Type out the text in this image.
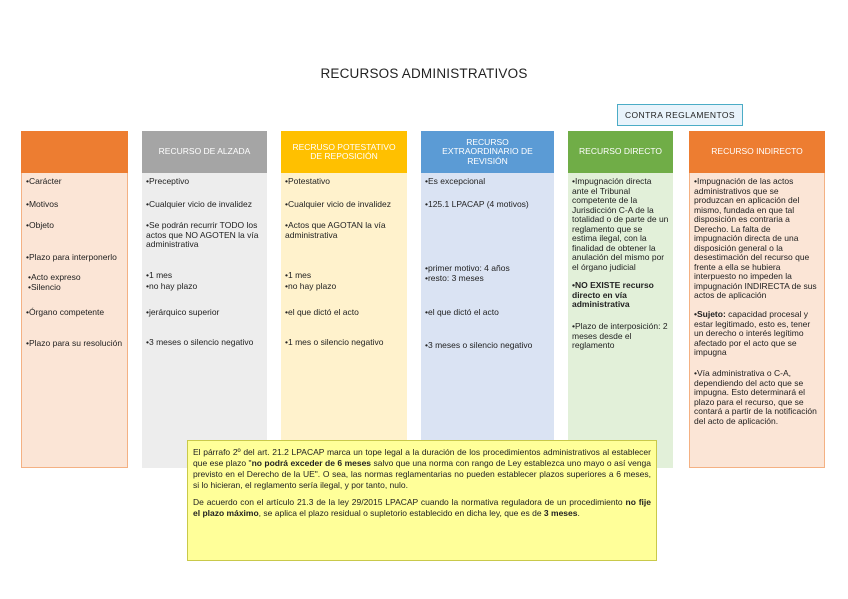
RECURSOS ADMINISTRATIVOS
CONTRA REGLAMENTOS

•Carácter

•Motivos

•Objeto

•Plazo para interponerlo

•Acto expreso

•Silencio

•Órgano competente

•Plazo para su resolución

RECURSO DE ALZADA

•Preceptivo

•Cualquier vicio de invalidez

•Se podrán recurrir TODO los actos que NO AGOTEN la vía administrativa

•1 mes

•no hay plazo

•jerárquico superior

•3 meses o silencio negativo

RECRUSO POTESTATIVO DE REPOSICIÓN

•Potestativo

•Cualquier vicio de invalidez

•Actos que AGOTAN la vía administrativa

•1 mes

•no hay plazo

•el que dictó el acto

•1 mes o silencio negativo

RECURSO EXTRAORDINARIO DE REVISIÓN

•Es excepcional

•125.1 LPACAP (4 motivos)

•primer motivo: 4 años

•resto: 3 meses

•el que dictó el acto

•3 meses o silencio negativo

RECURSO DIRECTO

•Impugnación directa ante el Tribunal competente de la Jurisdicción C-A de la totalidad o de parte de un reglamento que se estima ilegal, con la finalidad de obtener la anulación del mismo por el órgano judicial

•NO EXISTE recurso directo en vía administrativa

•Plazo de interposición: 2 meses desde el reglamento

RECURSO INDIRECTO

•Impugnación de las actos administrativos que se produzcan en aplicación del mismo, fundada en que tal disposición es contraria a Derecho. La falta de impugnación directa de una disposición general o la desestimación del recurso que frente a ella se hubiera interpuesto no impeden la impugnación INDIRECTA de sus actos de aplicación

•Sujeto: capacidad procesal y estar legitimado, esto es, tener un derecho o interés legítimo afectado por el acto que se impugna

•Vía administrativa o C-A, dependiendo del acto que se impugna. Esto determinará el plazo para el recurso, que se contará a partir de la notificación del acto de aplicación.

El párrafo 2º del art. 21.2 LPACAP marca un tope legal a la duración de los procedimientos administrativos al establecer que ese plazo "no podrá exceder de 6 meses salvo que una norma con rango de Ley establezca uno mayo o así venga previsto en el Derecho de la UE". O sea, las normas reglamentarias no pueden establecer plazos superiores a 6 meses, si lo hicieran, el reglamento sería ilegal, y por tanto, nulo.

De acuerdo con el artículo 21.3 de la ley 29/2015 LPACAP cuando la normativa reguladora de un procedimiento no fije el plazo máximo, se aplica el plazo residual o supletorio establecido en dicha ley, que es de 3 meses.
